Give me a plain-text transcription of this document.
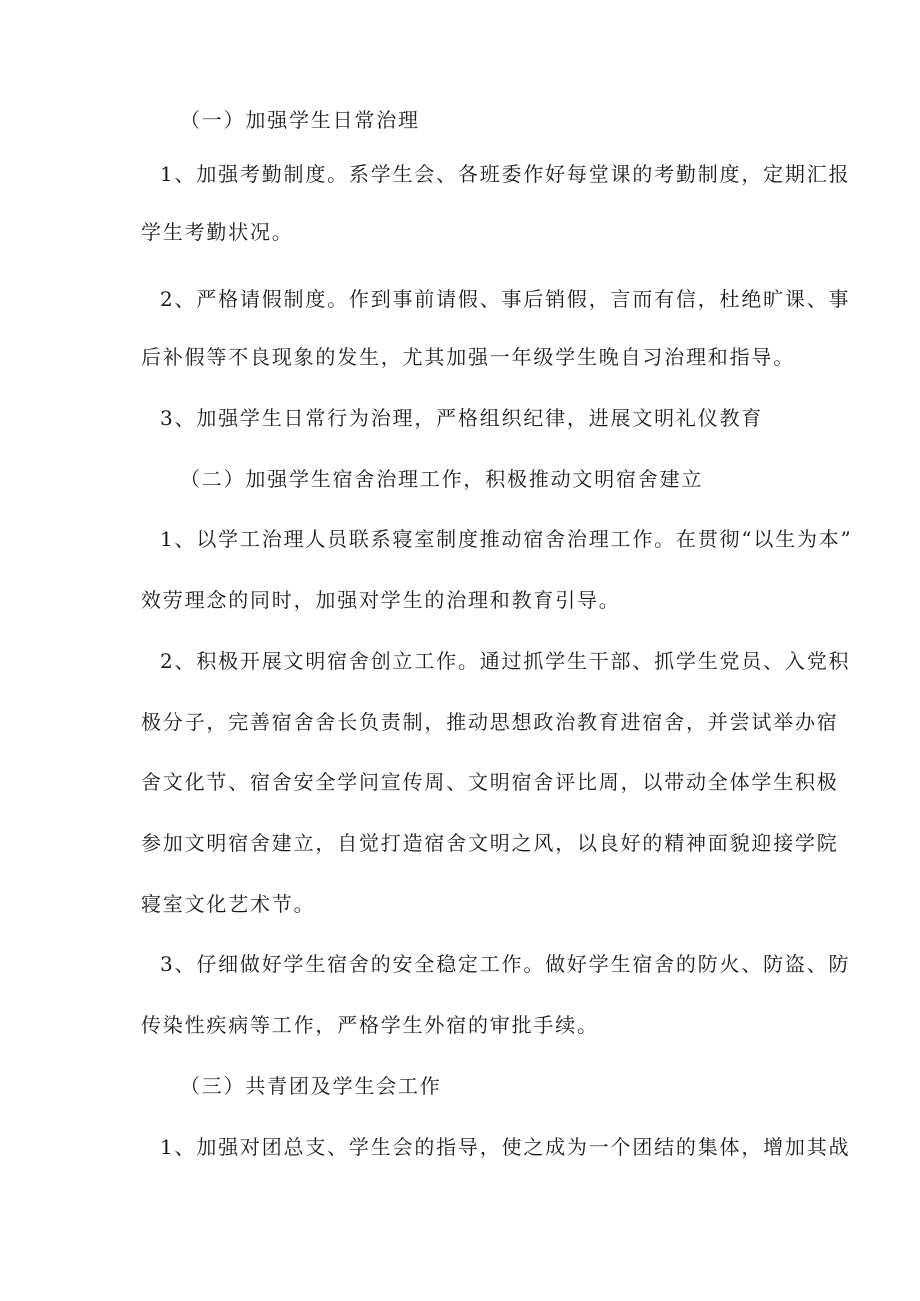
（一）加强学生日常治理
1、加强考勤制度。系学生会、各班委作好每堂课的考勤制度，定期汇报
学生考勤状况。
2、严格请假制度。作到事前请假、事后销假，言而有信，杜绝旷课、事
后补假等不良现象的发生，尤其加强一年级学生晚自习治理和指导。
3、加强学生日常行为治理，严格组织纪律，进展文明礼仪教育
（二）加强学生宿舍治理工作，积极推动文明宿舍建立
1、以学工治理人员联系寝室制度推动宿舍治理工作。在贯彻“以生为本”
效劳理念的同时，加强对学生的治理和教育引导。
2、积极开展文明宿舍创立工作。通过抓学生干部、抓学生党员、入党积
极分子，完善宿舍舍长负责制，推动思想政治教育进宿舍，并尝试举办宿
舍文化节、宿舍安全学问宣传周、文明宿舍评比周，以带动全体学生积极
参加文明宿舍建立，自觉打造宿舍文明之风，以良好的精神面貌迎接学院
寝室文化艺术节。
3、仔细做好学生宿舍的安全稳定工作。做好学生宿舍的防火、防盗、防
传染性疾病等工作，严格学生外宿的审批手续。
（三）共青团及学生会工作
1、加强对团总支、学生会的指导，使之成为一个团结的集体，增加其战
